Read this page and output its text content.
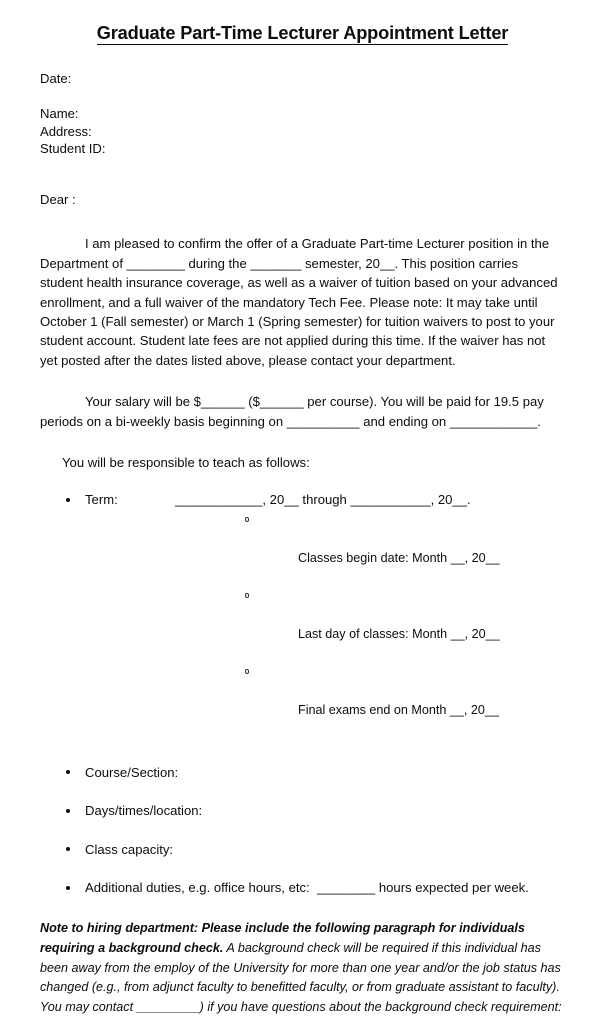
Graduate Part-Time Lecturer Appointment Letter
Date:
Name:
Address:
Student ID:
Dear :

I am pleased to confirm the offer of a Graduate Part-time Lecturer position in the Department of ________ during the _______ semester, 20__. This position carries student health insurance coverage, as well as a waiver of tuition based on your advanced enrollment, and a full waiver of the mandatory Tech Fee. Please note: It may take until October 1 (Fall semester) or March 1 (Spring semester) for tuition waivers to post to your student account. Student late fees are not applied during this time. If the waiver has not yet posted after the dates listed above, please contact your department.

Your salary will be $______ ($______ per course). You will be paid for 19.5 pay periods on a bi-weekly basis beginning on __________ and ending on ____________.

You will be responsible to teach as follows:
Term:	____________, 20__ through ___________, 20__.

Classes begin date: Month __, 20__

Last day of classes: Month __, 20__

Final exams end on Month __, 20__

Course/Section:
Days/times/location:
Class capacity:
Additional duties, e.g. office hours, etc:  ________ hours expected per week.

Note to hiring department: Please include the following paragraph for individuals requiring a background check. A background check will be required if this individual has been away from the employ of the University for more than one year and/or the job status has changed (e.g., from adjunct faculty to benefitted faculty, or from graduate assistant to faculty). You may contact _________) if you have questions about the background check requirement:
